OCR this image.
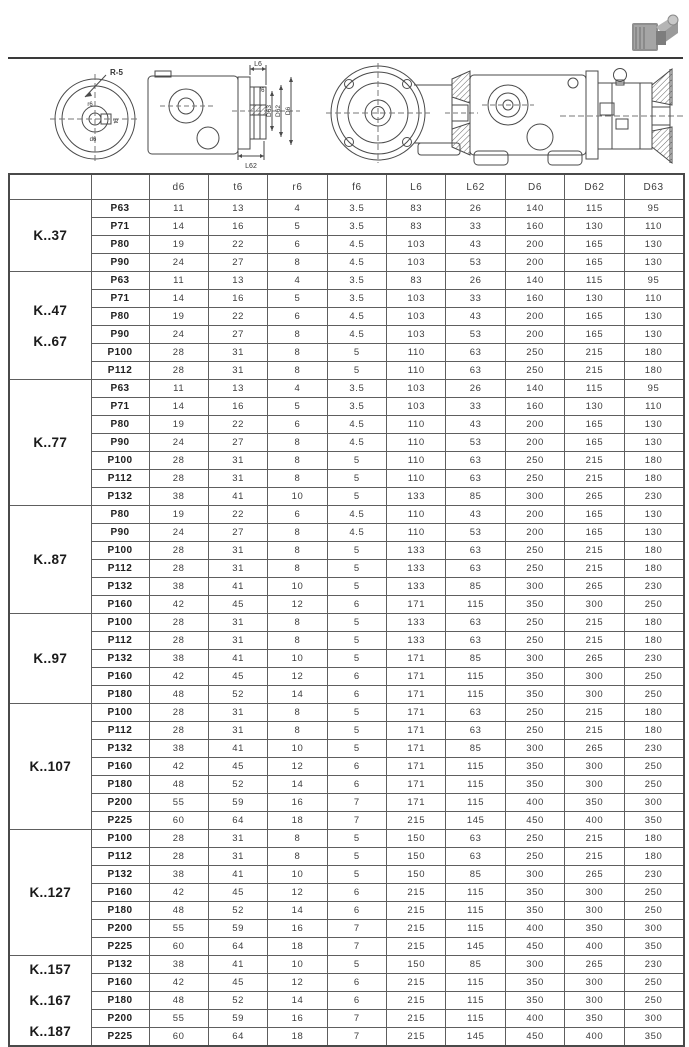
R-5
r6
t6
d6
L6
f6
D63 D62 D6
L62
		d6	t6	r6	f6	L6	L62	D6	D62	D63

K..37	P63	11	13	4	3.5	83	26	140	115	95
	P71	14	16	5	3.5	83	33	160	130	110
	P80	19	22	6	4.5	103	43	200	165	130
	P90	24	27	8	4.5	103	53	200	165	130

K..47
K..67	P63	11	13	4	3.5	83	26	140	115	95
	P71	14	16	5	3.5	103	33	160	130	110
	P80	19	22	6	4.5	103	43	200	165	130
	P90	24	27	8	4.5	103	53	200	165	130
	P100	28	31	8	5	110	63	250	215	180
	P112	28	31	8	5	110	63	250	215	180

K..77	P63	11	13	4	3.5	103	26	140	115	95
	P71	14	16	5	3.5	103	33	160	130	110
	P80	19	22	6	4.5	110	43	200	165	130
	P90	24	27	8	4.5	110	53	200	165	130
	P100	28	31	8	5	110	63	250	215	180
	P112	28	31	8	5	110	63	250	215	180
	P132	38	41	10	5	133	85	300	265	230

K..87	P80	19	22	6	4.5	110	43	200	165	130
	P90	24	27	8	4.5	110	53	200	165	130
	P100	28	31	8	5	133	63	250	215	180
	P112	28	31	8	5	133	63	250	215	180
	P132	38	41	10	5	133	85	300	265	230
	P160	42	45	12	6	171	115	350	300	250

K..97	P100	28	31	8	5	133	63	250	215	180
	P112	28	31	8	5	133	63	250	215	180
	P132	38	41	10	5	171	85	300	265	230
	P160	42	45	12	6	171	115	350	300	250
	P180	48	52	14	6	171	115	350	300	250

K..107	P100	28	31	8	5	171	63	250	215	180
	P112	28	31	8	5	171	63	250	215	180
	P132	38	41	10	5	171	85	300	265	230
	P160	42	45	12	6	171	115	350	300	250
	P180	48	52	14	6	171	115	350	300	250
	P200	55	59	16	7	171	115	400	350	300
	P225	60	64	18	7	215	145	450	400	350

K..127	P100	28	31	8	5	150	63	250	215	180
	P112	28	31	8	5	150	63	250	215	180
	P132	38	41	10	5	150	85	300	265	230
	P160	42	45	12	6	215	115	350	300	250
	P180	48	52	14	6	215	115	350	300	250
	P200	55	59	16	7	215	115	400	350	300
	P225	60	64	18	7	215	145	450	400	350

K..157
K..167
K..187	P132	38	41	10	5	150	85	300	265	230
	P160	42	45	12	6	215	115	350	300	250
	P180	48	52	14	6	215	115	350	300	250
	P200	55	59	16	7	215	115	400	350	300
	P225	60	64	18	7	215	145	450	400	350
